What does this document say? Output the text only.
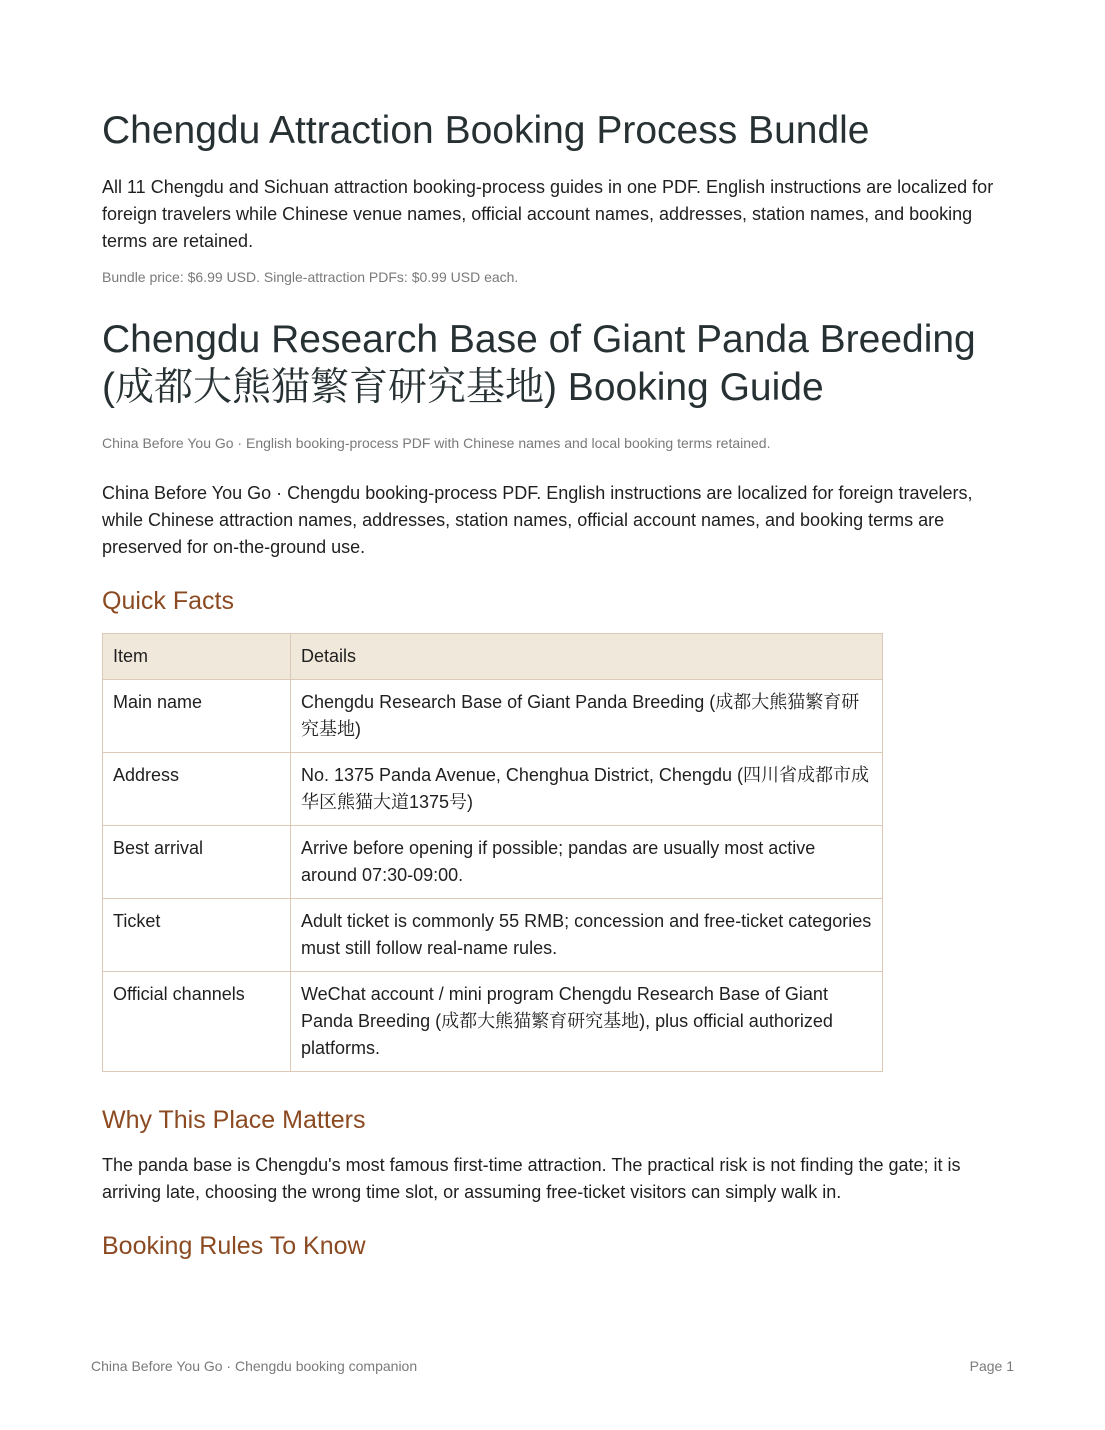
Chengdu Attraction Booking Process Bundle

All 11 Chengdu and Sichuan attraction booking-process guides in one PDF. English instructions are localized for foreign travelers while Chinese venue names, official account names, addresses, station names, and booking terms are retained.

Bundle price: $6.99 USD. Single-attraction PDFs: $0.99 USD each.
Chengdu Research Base of Giant Panda Breeding (成都大熊猫繁育研究基地) Booking Guide
China Before You Go · English booking-process PDF with Chinese names and local booking terms retained.

China Before You Go · Chengdu booking-process PDF. English instructions are localized for foreign travelers, while Chinese attraction names, addresses, station names, official account names, and booking terms are preserved for on-the-ground use.

Quick Facts
Item	Details
Main name	Chengdu Research Base of Giant Panda Breeding (成都大熊猫繁育研究基地)
Address	No. 1375 Panda Avenue, Chenghua District, Chengdu (四川省成都市成华区熊猫大道1375号)
Best arrival	Arrive before opening if possible; pandas are usually most active around 07:30-09:00.
Ticket	Adult ticket is commonly 55 RMB; concession and free-ticket categories must still follow real-name rules.
Official channels	WeChat account / mini program Chengdu Research Base of Giant Panda Breeding (成都大熊猫繁育研究基地), plus official authorized platforms.
Why This Place Matters

The panda base is Chengdu's most famous first-time attraction. The practical risk is not finding the gate; it is arriving late, choosing the wrong time slot, or assuming free-ticket visitors can simply walk in.

Booking Rules To Know
China Before You Go · Chengdu booking companion	Page 1
